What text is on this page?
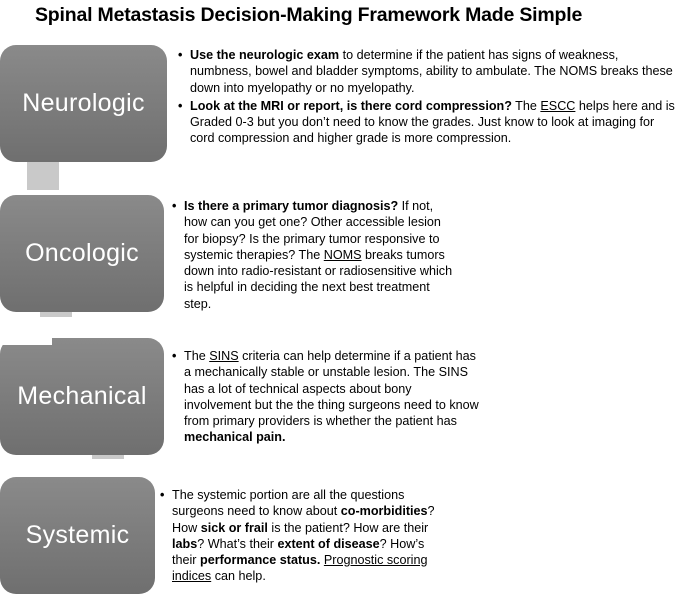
Spinal Metastasis Decision-Making Framework Made Simple
Neurologic
Oncologic
Mechanical
Systemic
• Use the neurologic exam to determine if the patient has signs of weakness, numbness, bowel and bladder symptoms, ability to ambulate. The NOMS breaks these down into myelopathy or no myelopathy.
• Look at the MRI or report, is there cord compression? The ESCC helps here and is Graded 0-3 but you don’t need to know the grades. Just know to look at imaging for cord compression and higher grade is more compression.
• Is there a primary tumor diagnosis? If not, how can you get one? Other accessible lesion for biopsy? Is the primary tumor responsive to systemic therapies? The NOMS breaks tumors down into radio-resistant or radiosensitive which is helpful in deciding the next best treatment step.
• The SINS criteria can help determine if a patient has a mechanically stable or unstable lesion. The SINS has a lot of technical aspects about bony involvement but the the thing surgeons need to know from primary providers is whether the patient has mechanical pain.
• The systemic portion are all the questions surgeons need to know about co-morbidities? How sick or frail is the patient? How are their labs? What’s their extent of disease? How’s their performance status. Prognostic scoring indices can help.
